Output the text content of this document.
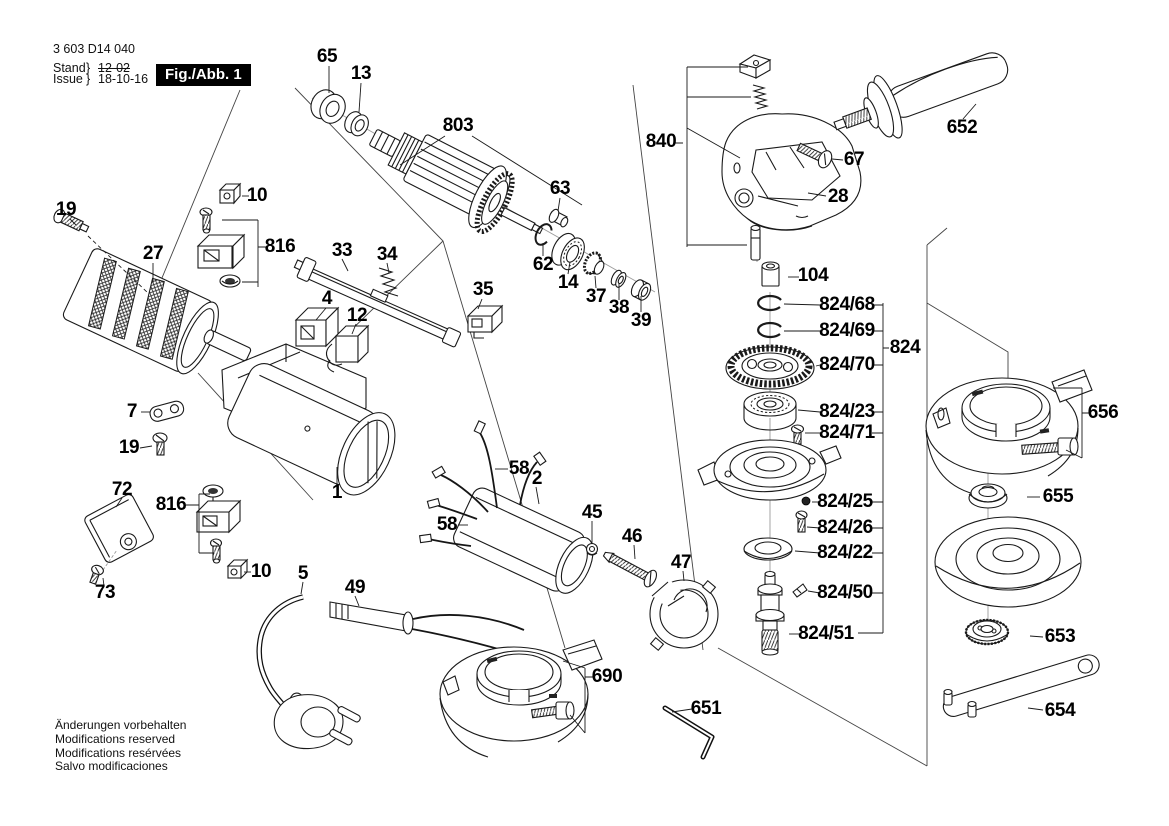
3 603 D14 040
Stand } 12-02
Issue } 18-10-16	Fig./Abb. 1
Änderungen vorbehalten
Modifications reserved
Modifications resérvées
Salvo modificaciones
65
13
803
63
62
14
37
38
39
840
67
28
652
104
824/68
824/69
824
824/70
824/23
824/71
824/25
824/26
824/22
824/50
824/51
656
655
653
654
19
27
10
816 33 34
35
4
12
7
19
72
816
1
10
73
5
49
58 2
58
45
46
47
690
651
